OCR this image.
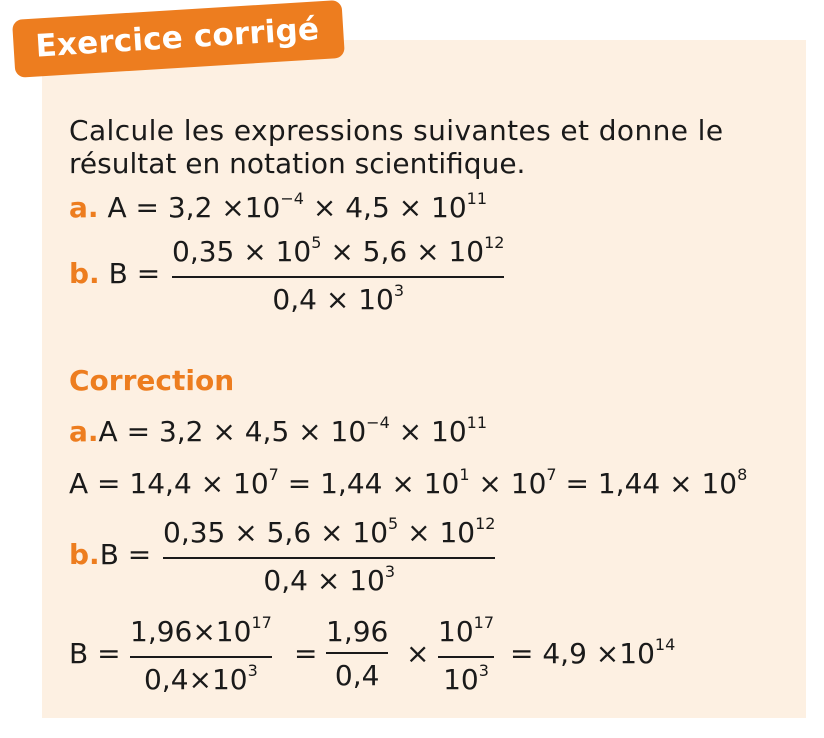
Exercice corrigé
Calcule les expressions suivantes et donne le
résultat en notation scientifique.
a. $A = 3,2 \times 10^{-4} \times 4,5 \times 10^{11}$
b. B =
$0,35 \times 10^5 \times 5,6 \times 10^{12}$
$0,4 \times 10^3$
Correction
$a.A = 3,2 \times 4,5 \times 10^{-4} \times 10^{11}$
$A = 14,4 \times 10^7 = 1,44 \times 10^1 \times 10^7 = 1,44 \times 10^8$
b.B =
$0,35 \times 5,6 \times 10^5 \times 10^{12}$
$0,4 \times 10^3$
B =
$1,96\times 10^{17}$
$0,4\times 10^3$
=
1,96
0,4
×
$10^{17}$
$10^3$
= $4,9 \times 10^{14}$
